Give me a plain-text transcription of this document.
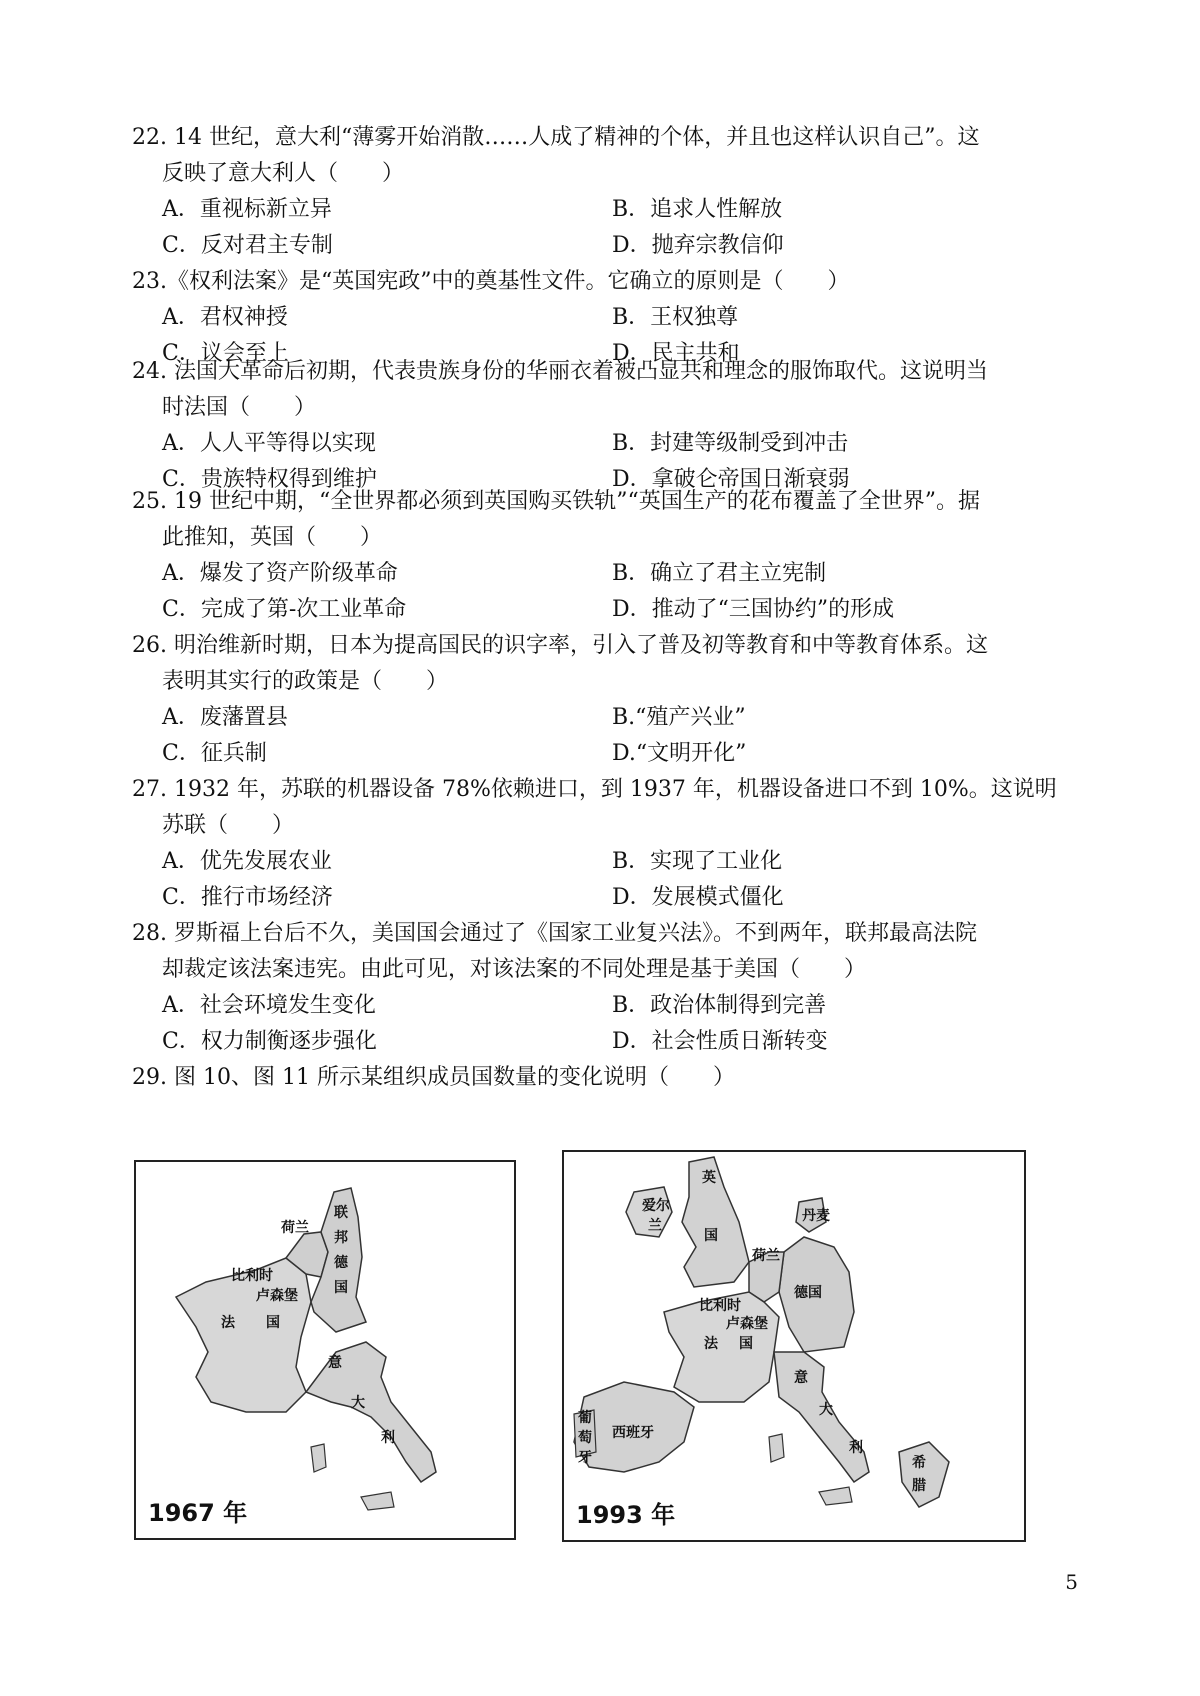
22. 14 世纪，意大利“薄雾开始消散……人成了精神的个体，并且也这样认识自己”。这
反映了意大利人（　　）
A．重视标新立异	B．追求人性解放
C．反对君主专制	D．抛弃宗教信仰
23.《权利法案》是“英国宪政”中的奠基性文件。它确立的原则是（　　）
A．君权神授	B．王权独尊
C．议会至上	D．民主共和
24. 法国大革命后初期，代表贵族身份的华丽衣着被凸显共和理念的服饰取代。这说明当
时法国（　　）
A．人人平等得以实现	B．封建等级制受到冲击
C．贵族特权得到维护	D．拿破仑帝国日渐衰弱
25. 19 世纪中期，“全世界都必须到英国购买铁轨”“英国生产的花布覆盖了全世界”。据
此推知，英国（　　）
A．爆发了资产阶级革命	B．确立了君主立宪制
C．完成了第-次工业革命	D．推动了“三国协约”的形成
26. 明治维新时期，日本为提高国民的识字率，引入了普及初等教育和中等教育体系。这
表明其实行的政策是（　　）
A．废藩置县	B.“殖产兴业”
C．征兵制	D.“文明开化”
27. 1932 年，苏联的机器设备 78%依赖进口，到 1937 年，机器设备进口不到 10%。这说明
苏联（　　）
A．优先发展农业	B．实现了工业化
C．推行市场经济	D．发展模式僵化
28. 罗斯福上台后不久，美国国会通过了《国家工业复兴法》。不到两年，联邦最高法院
却裁定该法案违宪。由此可见，对该法案的不同处理是基于美国（　　）
A．社会环境发生变化	B．政治体制得到完善
C．权力制衡逐步强化	D．社会性质日渐转变
29. 图 10、图 11 所示某组织成员国数量的变化说明（　　）
荷兰
联
邦
德
国
比利时
卢森堡
法 国
意
大
利
1967 年
英
国
爱尔
兰
丹麦
荷兰
德国
比利时
卢森堡
法 国
意
大
利
西班牙
葡
萄
牙	希
腊
1993 年
5
